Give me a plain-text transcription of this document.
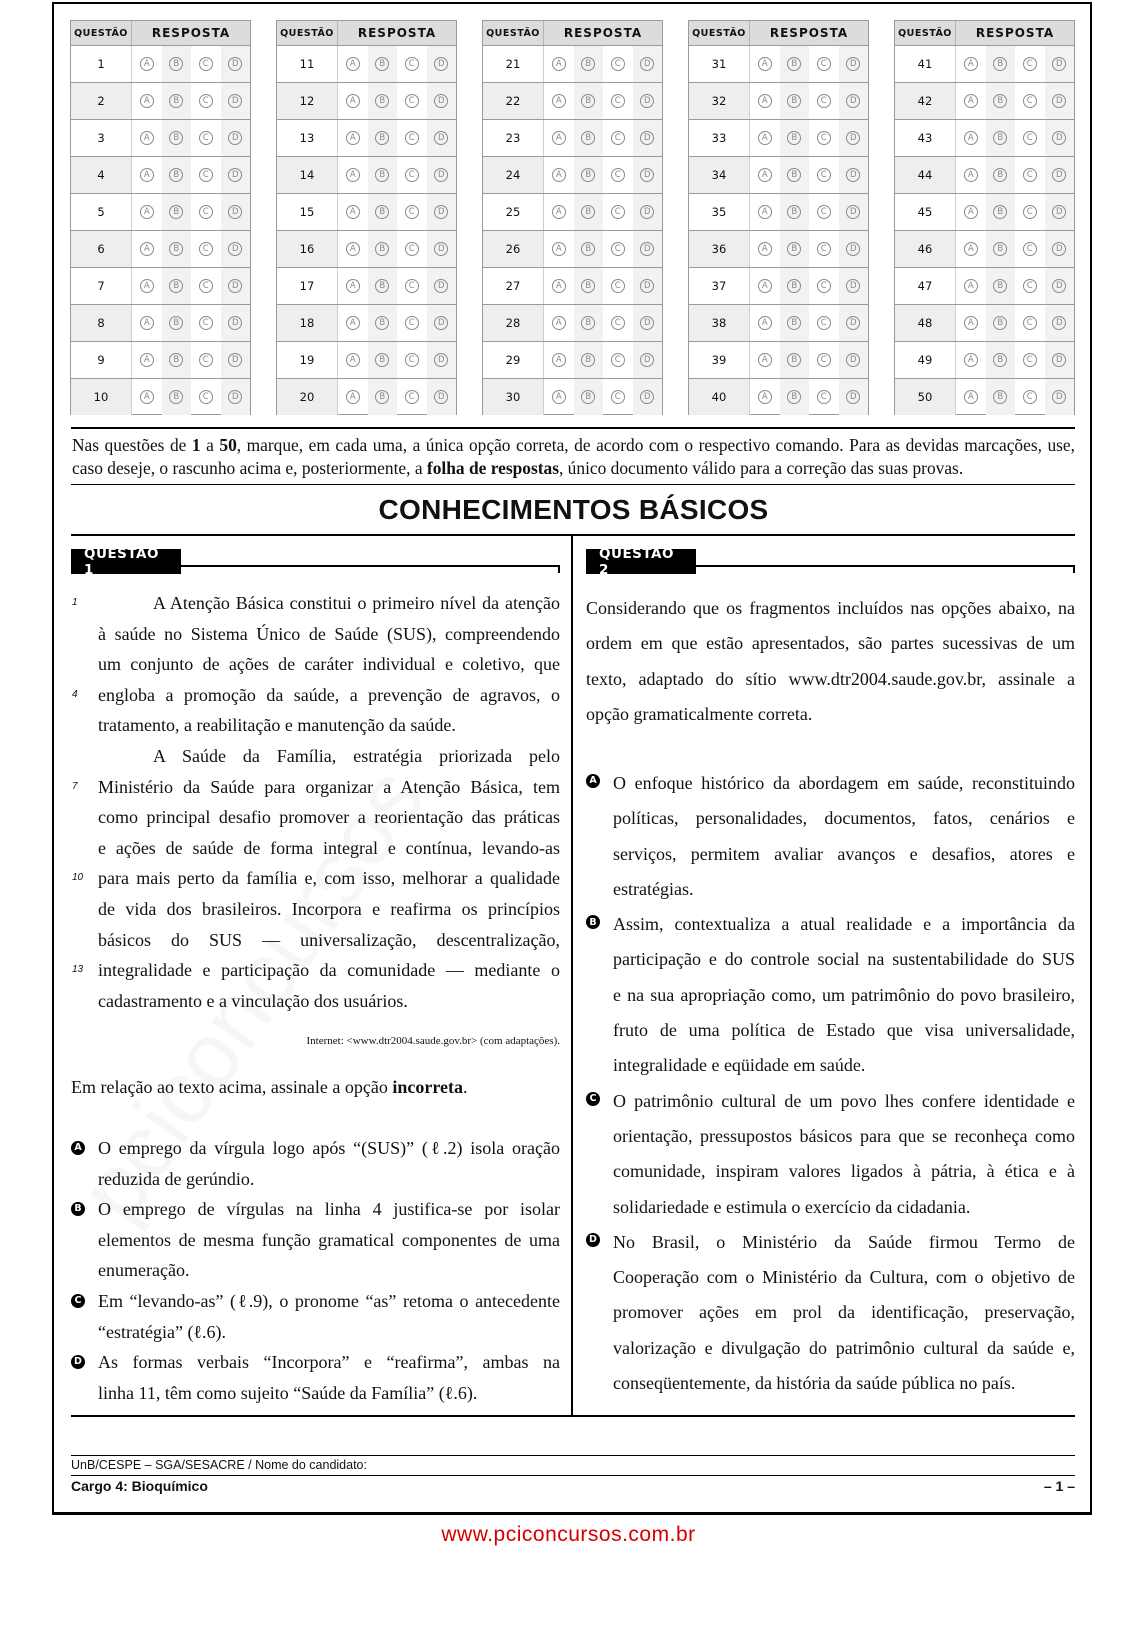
QUESTÃO	RESPOSTA
1	A	B	C	D
2	A	B	C	D
3	A	B	C	D
4	A	B	C	D
5	A	B	C	D
6	A	B	C	D
7	A	B	C	D
8	A	B	C	D
9	A	B	C	D
10	A	B	C	D
QUESTÃO	RESPOSTA
11	A	B	C	D
12	A	B	C	D
13	A	B	C	D
14	A	B	C	D
15	A	B	C	D
16	A	B	C	D
17	A	B	C	D
18	A	B	C	D
19	A	B	C	D
20	A	B	C	D
QUESTÃO	RESPOSTA
21	A	B	C	D
22	A	B	C	D
23	A	B	C	D
24	A	B	C	D
25	A	B	C	D
26	A	B	C	D
27	A	B	C	D
28	A	B	C	D
29	A	B	C	D
30	A	B	C	D
QUESTÃO	RESPOSTA
31	A	B	C	D
32	A	B	C	D
33	A	B	C	D
34	A	B	C	D
35	A	B	C	D
36	A	B	C	D
37	A	B	C	D
38	A	B	C	D
39	A	B	C	D
40	A	B	C	D
QUESTÃO	RESPOSTA
41	A	B	C	D
42	A	B	C	D
43	A	B	C	D
44	A	B	C	D
45	A	B	C	D
46	A	B	C	D
47	A	B	C	D
48	A	B	C	D
49	A	B	C	D
50	A	B	C	D
Nas questões de 1 a 50, marque, em cada uma, a única opção correta, de acordo com o respectivo comando. Para as devidas marcações, use, caso deseje, o rascunho acima e, posteriormente, a folha de respostas, único documento válido para a correção das suas provas.
CONHECIMENTOS BÁSICOS
QUESTÃO 1
QUESTÃO 2
1	A Atenção Básica constitui o primeiro nível da atenção
à saúde no Sistema Único de Saúde (SUS), compreendendo
um conjunto de ações de caráter individual e coletivo, que
4	engloba a promoção da saúde, a prevenção de agravos, o
tratamento, a reabilitação e manutenção da saúde.
A Saúde da Família, estratégia priorizada pelo
7	Ministério da Saúde para organizar a Atenção Básica, tem
como principal desafio promover a reorientação das práticas
e ações de saúde de forma integral e contínua, levando-as
10 para mais perto da família e, com isso, melhorar a qualidade
de vida dos brasileiros. Incorpora e reafirma os princípios
básicos do SUS — universalização, descentralização,
13 integralidade e participação da comunidade — mediante o
cadastramento e a vinculação dos usuários.
Internet: <www.dtr2004.saude.gov.br> (com adaptações).
Em relação ao texto acima, assinale a opção incorreta.
A O emprego da vírgula logo após “(SUS)” (ℓ.2) isola oração
reduzida de gerúndio.
B O emprego de vírgulas na linha 4 justifica-se por isolar
elementos de mesma função gramatical componentes de uma
enumeração.
C Em “levando-as” (ℓ.9), o pronome “as” retoma o antecedente
“estratégia” (ℓ.6).
D As formas verbais “Incorpora” e “reafirma”, ambas na
linha 11, têm como sujeito “Saúde da Família” (ℓ.6).
Considerando que os fragmentos incluídos nas opções abaixo, na
ordem em que estão apresentados, são partes sucessivas de um
texto, adaptado do sítio www.dtr2004.saude.gov.br, assinale a
opção gramaticalmente correta.
A O enfoque histórico da abordagem em saúde, reconstituindo
políticas, personalidades, documentos, fatos, cenários e
serviços, permitem avaliar avanços e desafios, atores e
estratégias.
B Assim, contextualiza a atual realidade e a importância da
participação e do controle social na sustentabilidade do SUS
e na sua apropriação como, um patrimônio do povo brasileiro,
fruto de uma política de Estado que visa universalidade,
integralidade e eqüidade em saúde.
C O patrimônio cultural de um povo lhes confere identidade e
orientação, pressupostos básicos para que se reconheça como
comunidade, inspiram valores ligados à pátria, à ética e à
solidariedade e estimula o exercício da cidadania.
D No Brasil, o Ministério da Saúde firmou Termo de
Cooperação com o Ministério da Cultura, com o objetivo de
promover ações em prol da identificação, preservação,
valorização e divulgação do patrimônio cultural da saúde e,
conseqüentemente, da história da saúde pública no país.
UnB/CESPE – SGA/SESACRE / Nome do candidato:
Cargo 4: Bioquímico	– 1 –
www.pciconcursos.com.br
